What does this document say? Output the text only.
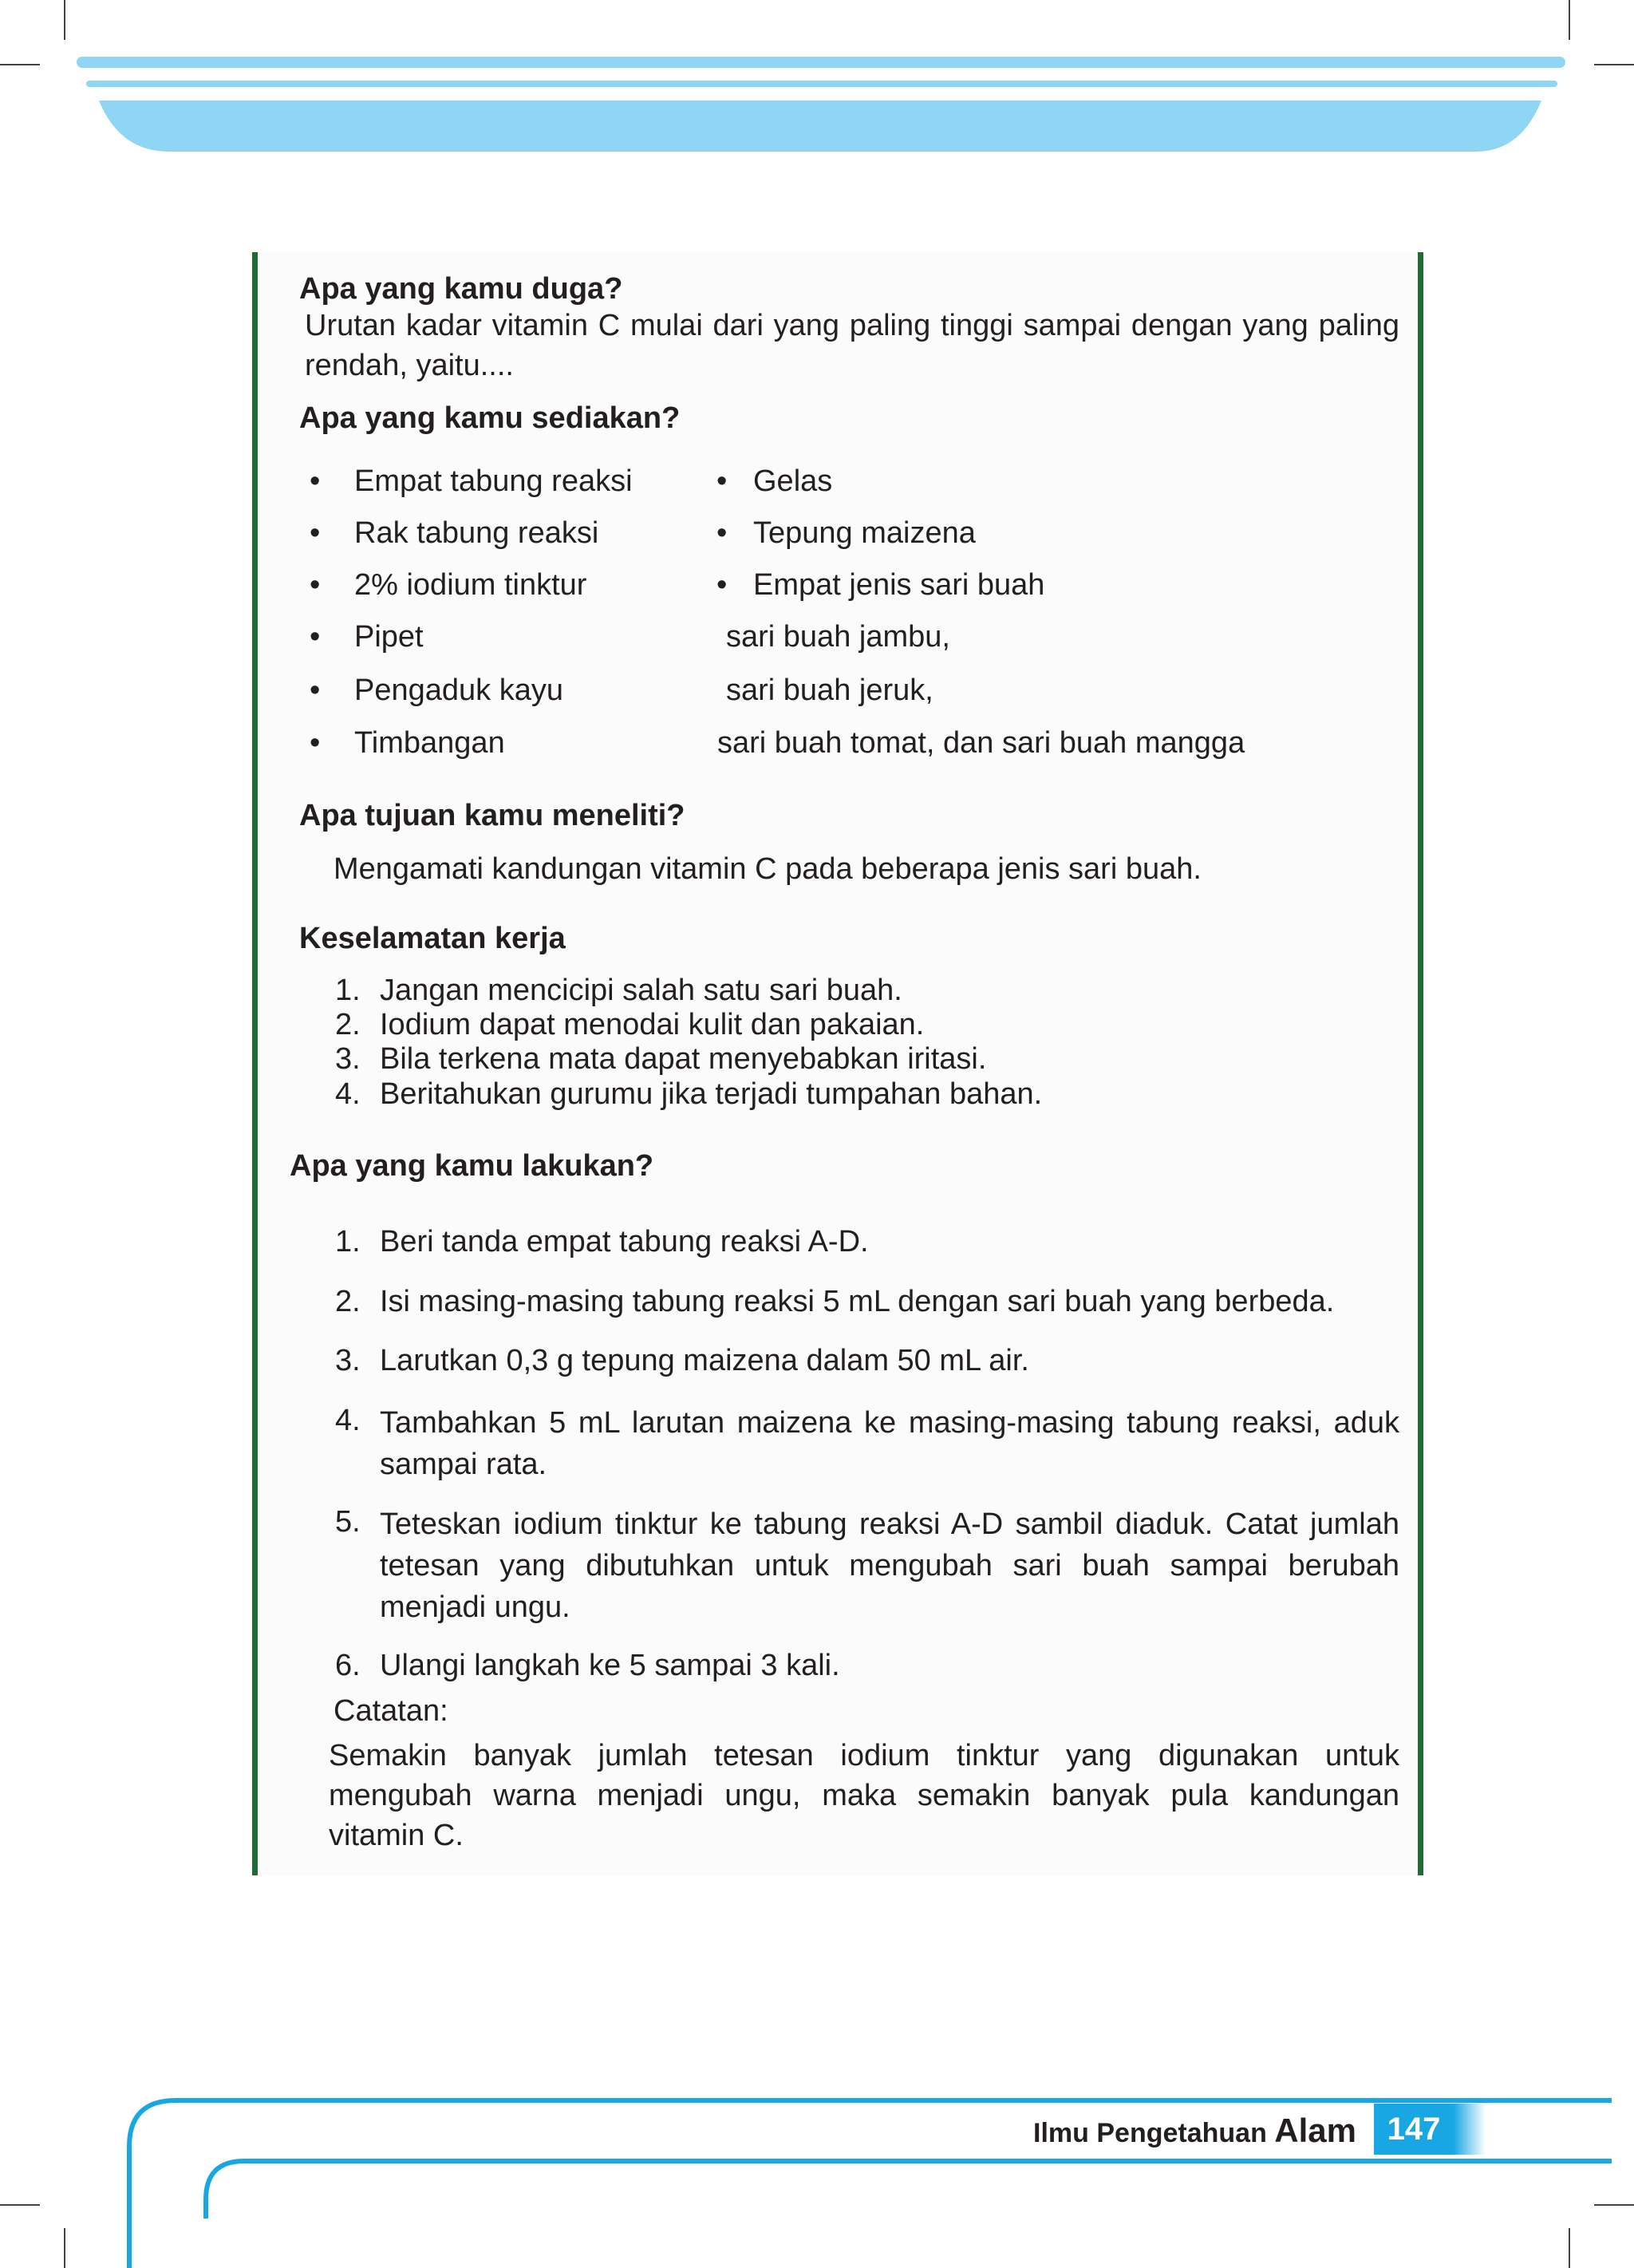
Apa yang kamu duga?
Urutan kadar vitamin C mulai dari yang paling tinggi sampai dengan yang paling rendah, yaitu....
Apa yang kamu sediakan?
• Empat tabung reaksi
• Rak tabung reaksi
• 2% iodium tinktur
• Pipet
• Pengaduk kayu
• Timbangan
• Gelas
• Tepung maizena
• Empat jenis sari buah
sari buah jambu,
sari buah jeruk,
sari buah tomat, dan sari buah mangga
Apa tujuan kamu meneliti?
Mengamati kandungan vitamin C pada beberapa jenis sari buah.
Keselamatan kerja
1. Jangan mencicipi salah satu sari buah.
2. Iodium dapat menodai kulit dan pakaian.
3. Bila terkena mata dapat menyebabkan iritasi.
4. Beritahukan gurumu jika terjadi tumpahan bahan.
Apa yang kamu lakukan?
1. Beri tanda empat tabung reaksi A-D.
2. Isi masing-masing tabung reaksi 5 mL dengan sari buah yang berbeda.
3. Larutkan 0,3 g tepung maizena dalam 50 mL air.
4. Tambahkan 5 mL larutan maizena ke masing-masing tabung reaksi, aduk sampai rata.
5. Teteskan iodium tinktur ke tabung reaksi A-D sambil diaduk. Catat jumlah tetesan yang dibutuhkan untuk mengubah sari buah sampai berubah menjadi ungu.
6. Ulangi langkah ke 5 sampai 3 kali.
Catatan:
Semakin banyak jumlah tetesan iodium tinktur yang digunakan untuk mengubah warna menjadi ungu, maka semakin banyak pula kandungan vitamin C.
Ilmu Pengetahuan Alam 147
